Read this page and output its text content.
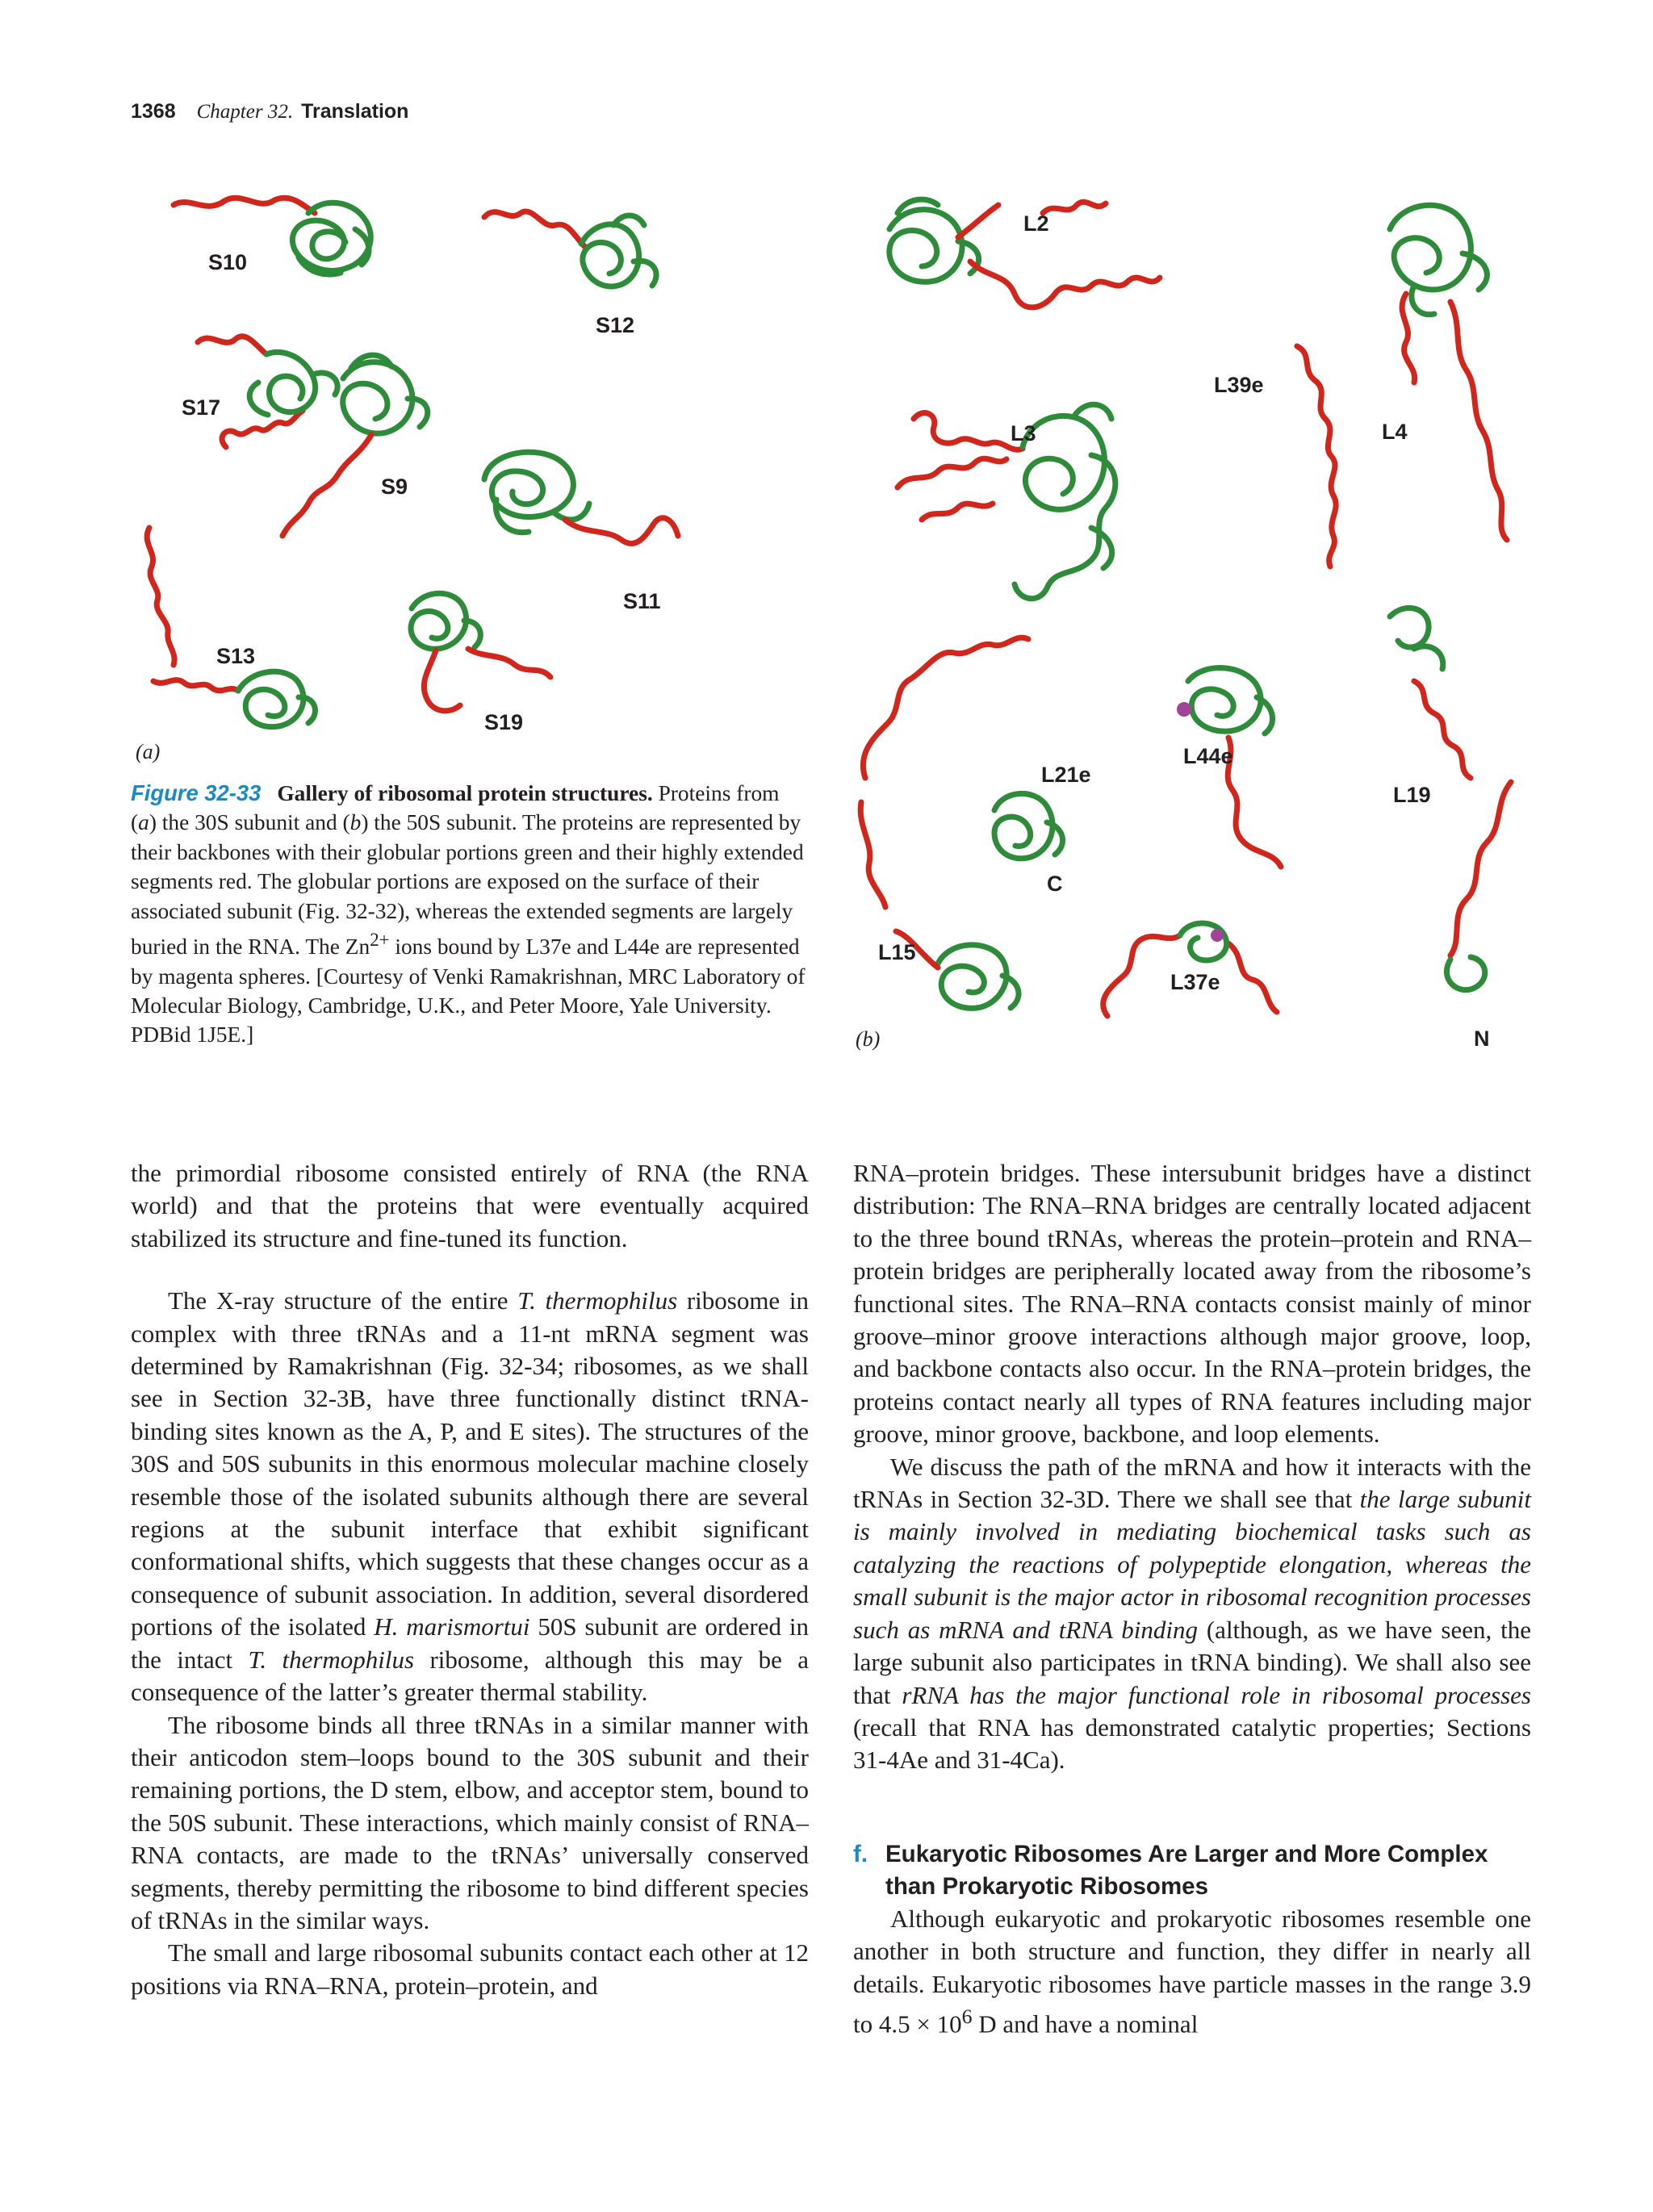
1368 Chapter 32. Translation
S10
S12
S17
S9
S11
S13
S19
(a)
L2
L39e
L3	L4
L21e
L44e
L19
L15
L37e
C
N
(b)
Figure 32-33 Gallery of ribosomal protein structures. Proteins from (a) the 30S subunit and (b) the 50S subunit. The proteins are represented by their backbones with their globular portions green and their highly extended segments red. The globular portions are exposed on the surface of their associated subunit (Fig. 32-32), whereas the extended segments are largely buried in the RNA. The $Zn^{2+}$ ions bound by L37e and L44e are represented by magenta spheres. [Courtesy of Venki Ramakrishnan, MRC Laboratory of Molecular Biology, Cambridge, U.K., and Peter Moore, Yale University. PDBid 1J5E.]

the primordial ribosome consisted entirely of RNA (the RNA world) and that the proteins that were eventually acquired stabilized its structure and fine-tuned its function.

The X-ray structure of the entire T. thermophilus ribosome in complex with three tRNAs and a 11-nt mRNA segment was determined by Ramakrishnan (Fig. 32-34; ribosomes, as we shall see in Section 32-3B, have three functionally distinct tRNA-binding sites known as the A, P, and E sites). The structures of the 30S and 50S subunits in this enormous molecular machine closely resemble those of the isolated subunits although there are several regions at the subunit interface that exhibit significant conformational shifts, which suggests that these changes occur as a consequence of subunit association. In addition, several disordered portions of the isolated H. marismortui 50S subunit are ordered in the intact T. thermophilus ribosome, although this may be a consequence of the latter’s greater thermal stability.

The ribosome binds all three tRNAs in a similar manner with their anticodon stem–loops bound to the 30S subunit and their remaining portions, the D stem, elbow, and acceptor stem, bound to the 50S subunit. These interactions, which mainly consist of RNA–RNA contacts, are made to the tRNAs’ universally conserved segments, thereby permitting the ribosome to bind different species of tRNAs in the similar ways.

The small and large ribosomal subunits contact each other at 12 positions via RNA–RNA, protein–protein, and

RNA–protein bridges. These intersubunit bridges have a distinct distribution: The RNA–RNA bridges are centrally located adjacent to the three bound tRNAs, whereas the protein–protein and RNA–protein bridges are peripherally located away from the ribosome’s functional sites. The RNA–RNA contacts consist mainly of minor groove–minor groove interactions although major groove, loop, and backbone contacts also occur. In the RNA–protein bridges, the proteins contact nearly all types of RNA features including major groove, minor groove, backbone, and loop elements.

We discuss the path of the mRNA and how it interacts with the tRNAs in Section 32-3D. There we shall see that the large subunit is mainly involved in mediating biochemical tasks such as catalyzing the reactions of polypeptide elongation, whereas the small subunit is the major actor in ribosomal recognition processes such as mRNA and tRNA binding (although, as we have seen, the large subunit also participates in tRNA binding). We shall also see that rRNA has the major functional role in ribosomal processes (recall that RNA has demonstrated catalytic properties; Sections 31-4Ae and 31-4Ca).

f. Eukaryotic Ribosomes Are Larger and More Complex than Prokaryotic Ribosomes

Although eukaryotic and prokaryotic ribosomes resemble one another in both structure and function, they differ in nearly all details. Eukaryotic ribosomes have particle masses in the range 3.9 to $4.5 \times 10^6$ D and have a nominal
